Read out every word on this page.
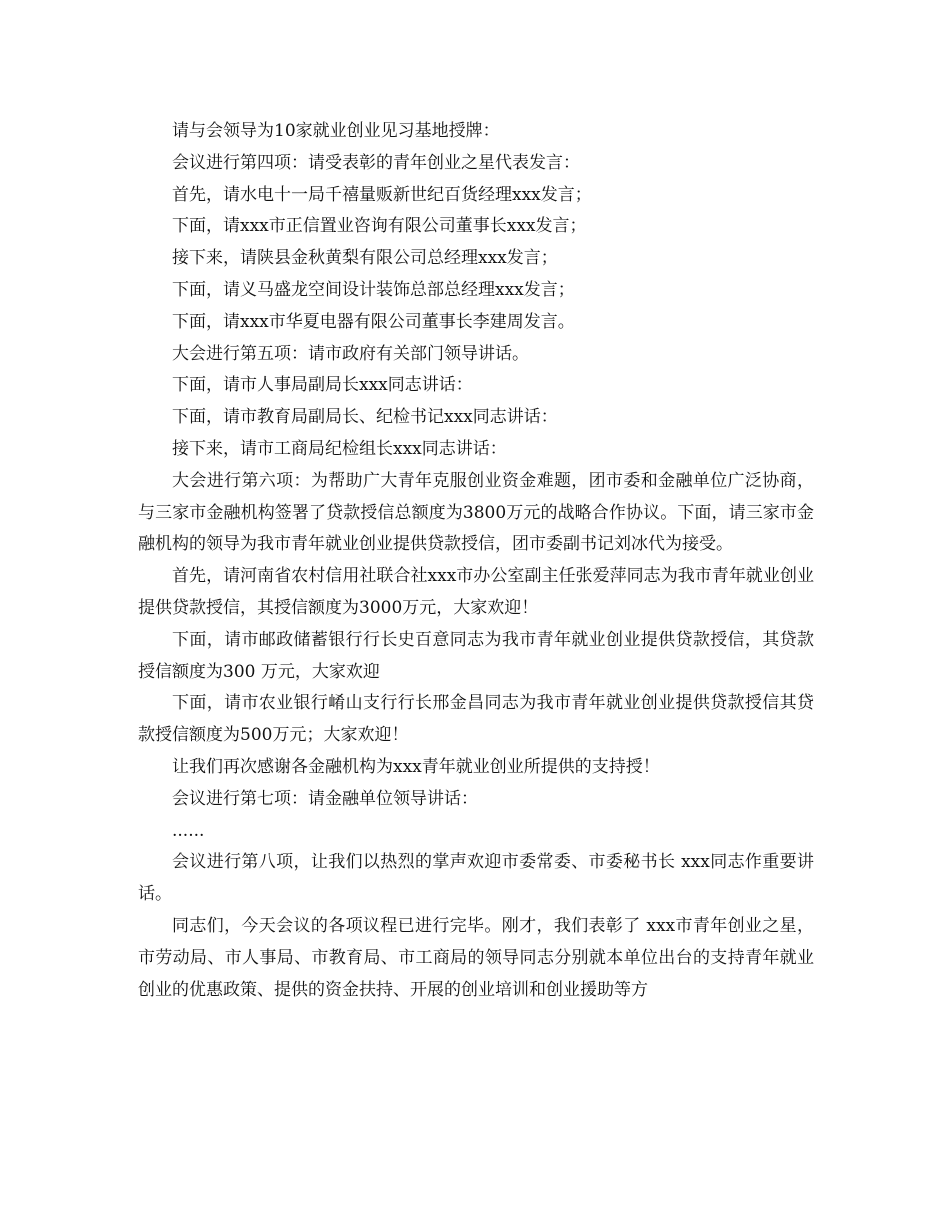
请与会领导为10家就业创业见习基地授牌：

会议进行第四项：请受表彰的青年创业之星代表发言：

首先，请水电十一局千禧量贩新世纪百货经理xxx发言；

下面，请xxx市正信置业咨询有限公司董事长xxx发言；

接下来，请陕县金秋黄梨有限公司总经理xxx发言；

下面，请义马盛龙空间设计装饰总部总经理xxx发言；

下面，请xxx市华夏电器有限公司董事长李建周发言。

大会进行第五项：请市政府有关部门领导讲话。

下面，请市人事局副局长xxx同志讲话：

下面，请市教育局副局长、纪检书记xxx同志讲话：

接下来，请市工商局纪检组长xxx同志讲话：

大会进行第六项：为帮助广大青年克服创业资金难题，团市委和金融单位广泛协商，与三家市金融机构签署了贷款授信总额度为3800万元的战略合作协议。下面，请三家市金融机构的领导为我市青年就业创业提供贷款授信，团市委副书记刘冰代为接受。

首先，请河南省农村信用社联合社xxx市办公室副主任张爱萍同志为我市青年就业创业提供贷款授信，其授信额度为3000万元，大家欢迎！

下面，请市邮政储蓄银行行长史百意同志为我市青年就业创业提供贷款授信，其贷款授信额度为300 万元，大家欢迎

下面，请市农业银行崤山支行行长邢金昌同志为我市青年就业创业提供贷款授信其贷款授信额度为500万元；大家欢迎！

让我们再次感谢各金融机构为xxx青年就业创业所提供的支持授！

会议进行第七项：请金融单位领导讲话：

......

会议进行第八项，让我们以热烈的掌声欢迎市委常委、市委秘书长 xxx同志作重要讲话。

同志们，今天会议的各项议程已进行完毕。刚才，我们表彰了 xxx市青年创业之星，市劳动局、市人事局、市教育局、市工商局的领导同志分别就本单位出台的支持青年就业创业的优惠政策、提供的资金扶持、开展的创业培训和创业援助等方
